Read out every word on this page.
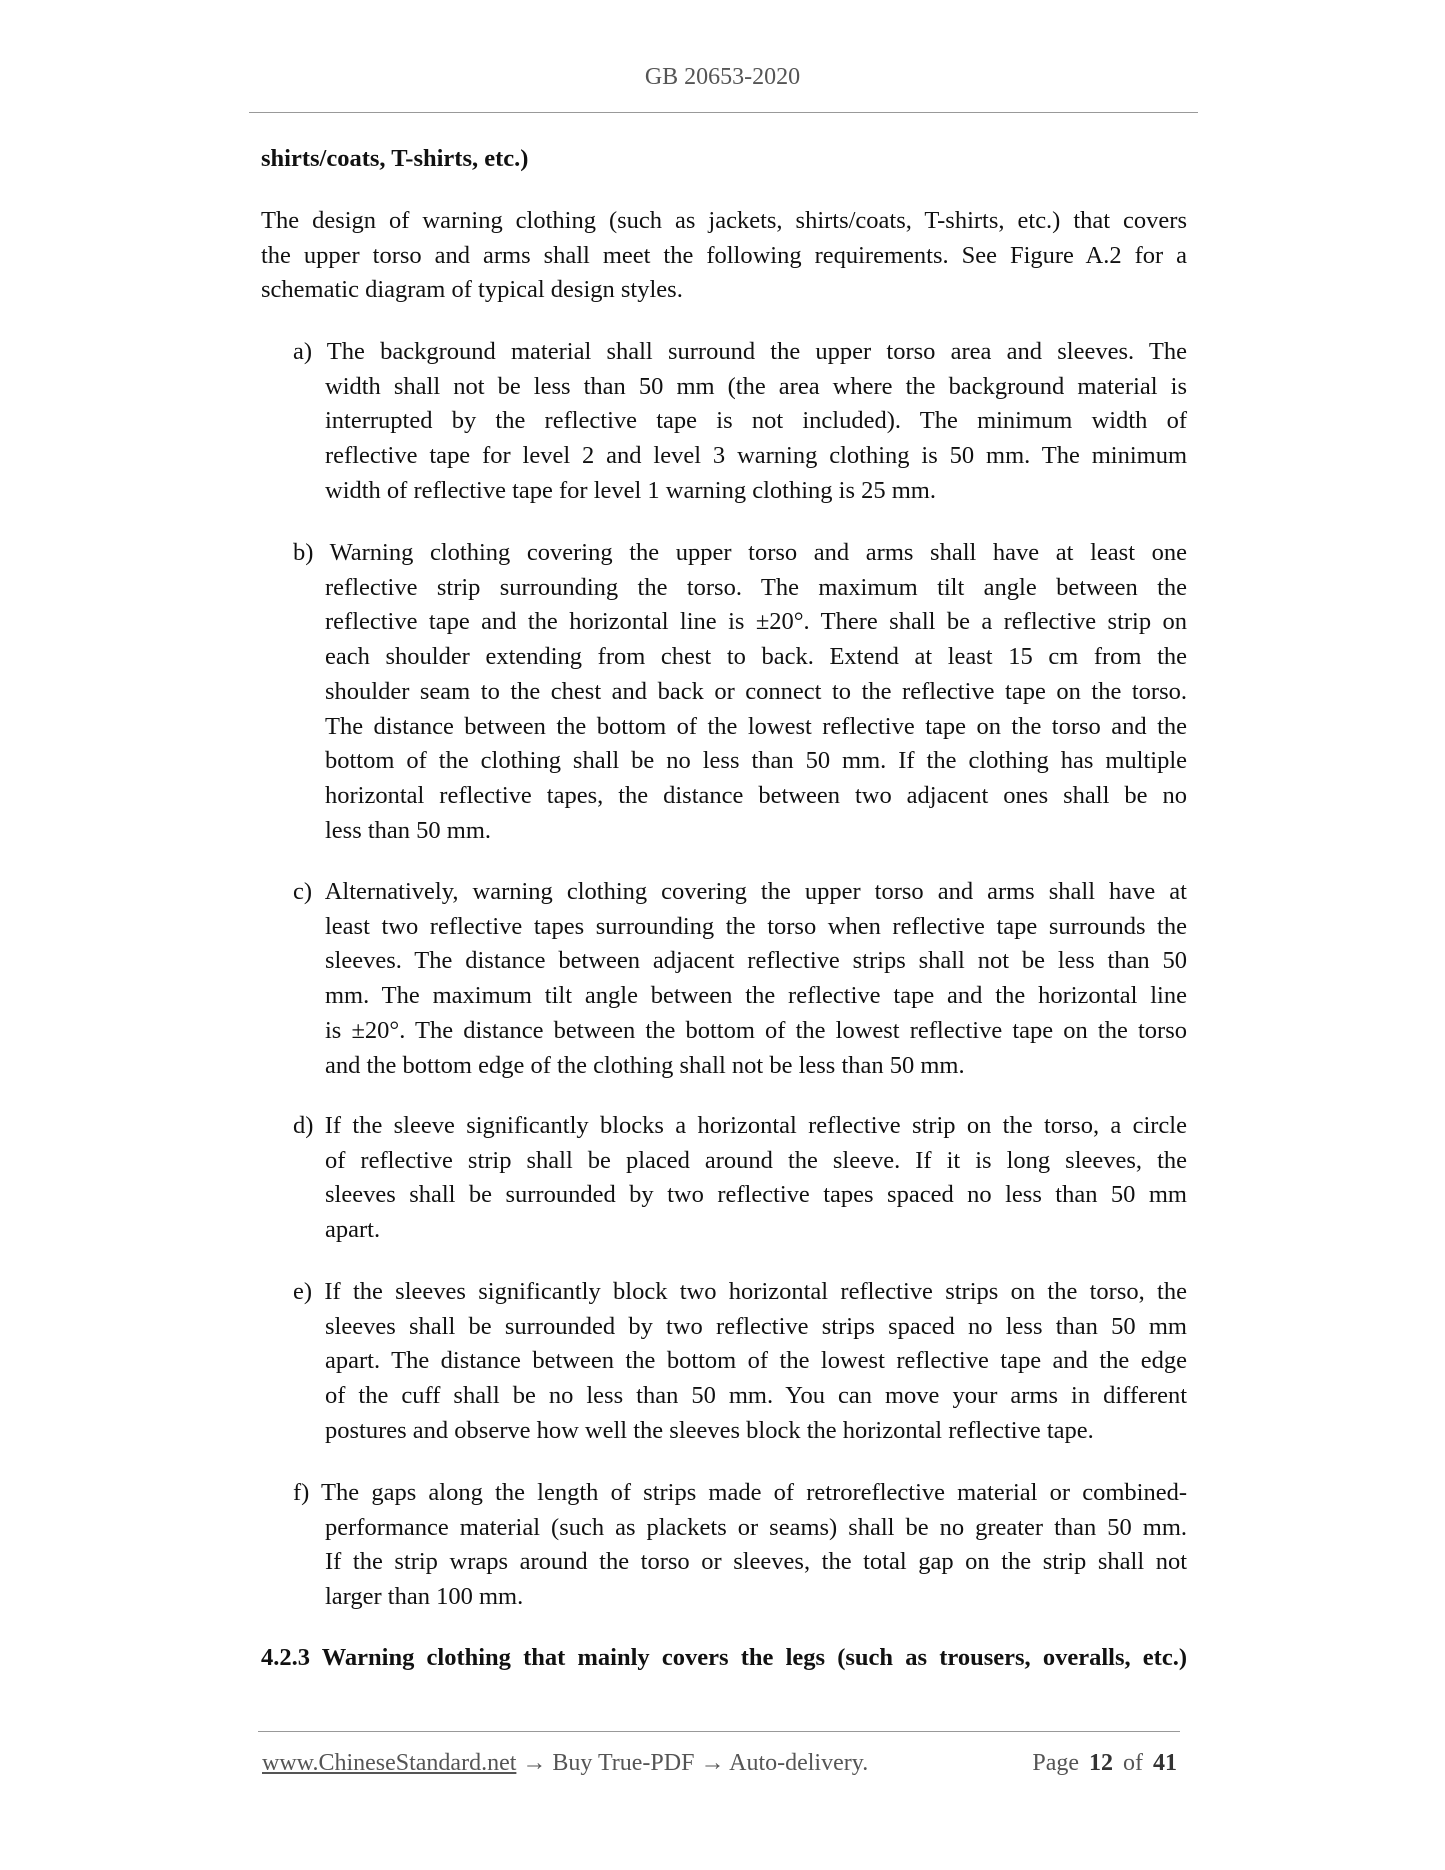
GB 20653-2020
shirts/coats, T-shirts, etc.)
The design of warning clothing (such as jackets, shirts/coats, T-shirts, etc.) that covers
the upper torso and arms shall meet the following requirements. See Figure A.2 for a
schematic diagram of typical design styles.
a) The background material shall surround the upper torso area and sleeves. The
width shall not be less than 50 mm (the area where the background material is
interrupted by the reflective tape is not included). The minimum width of
reflective tape for level 2 and level 3 warning clothing is 50 mm. The minimum
width of reflective tape for level 1 warning clothing is 25 mm.
b) Warning clothing covering the upper torso and arms shall have at least one
reflective strip surrounding the torso. The maximum tilt angle between the
reflective tape and the horizontal line is ±20°. There shall be a reflective strip on
each shoulder extending from chest to back. Extend at least 15 cm from the
shoulder seam to the chest and back or connect to the reflective tape on the torso.
The distance between the bottom of the lowest reflective tape on the torso and the
bottom of the clothing shall be no less than 50 mm. If the clothing has multiple
horizontal reflective tapes, the distance between two adjacent ones shall be no
less than 50 mm.
c) Alternatively, warning clothing covering the upper torso and arms shall have at
least two reflective tapes surrounding the torso when reflective tape surrounds the
sleeves. The distance between adjacent reflective strips shall not be less than 50
mm. The maximum tilt angle between the reflective tape and the horizontal line
is ±20°. The distance between the bottom of the lowest reflective tape on the torso
and the bottom edge of the clothing shall not be less than 50 mm.
d) If the sleeve significantly blocks a horizontal reflective strip on the torso, a circle
of reflective strip shall be placed around the sleeve. If it is long sleeves, the
sleeves shall be surrounded by two reflective tapes spaced no less than 50 mm
apart.
e) If the sleeves significantly block two horizontal reflective strips on the torso, the
sleeves shall be surrounded by two reflective strips spaced no less than 50 mm
apart. The distance between the bottom of the lowest reflective tape and the edge
of the cuff shall be no less than 50 mm. You can move your arms in different
postures and observe how well the sleeves block the horizontal reflective tape.
f) The gaps along the length of strips made of retroreflective material or combined-
performance material (such as plackets or seams) shall be no greater than 50 mm.
If the strip wraps around the torso or sleeves, the total gap on the strip shall not
larger than 100 mm.
4.2.3 Warning clothing that mainly covers the legs (such as trousers, overalls, etc.)
www.ChineseStandard.net → Buy True-PDF → Auto-delivery.	Page 12 of 41
